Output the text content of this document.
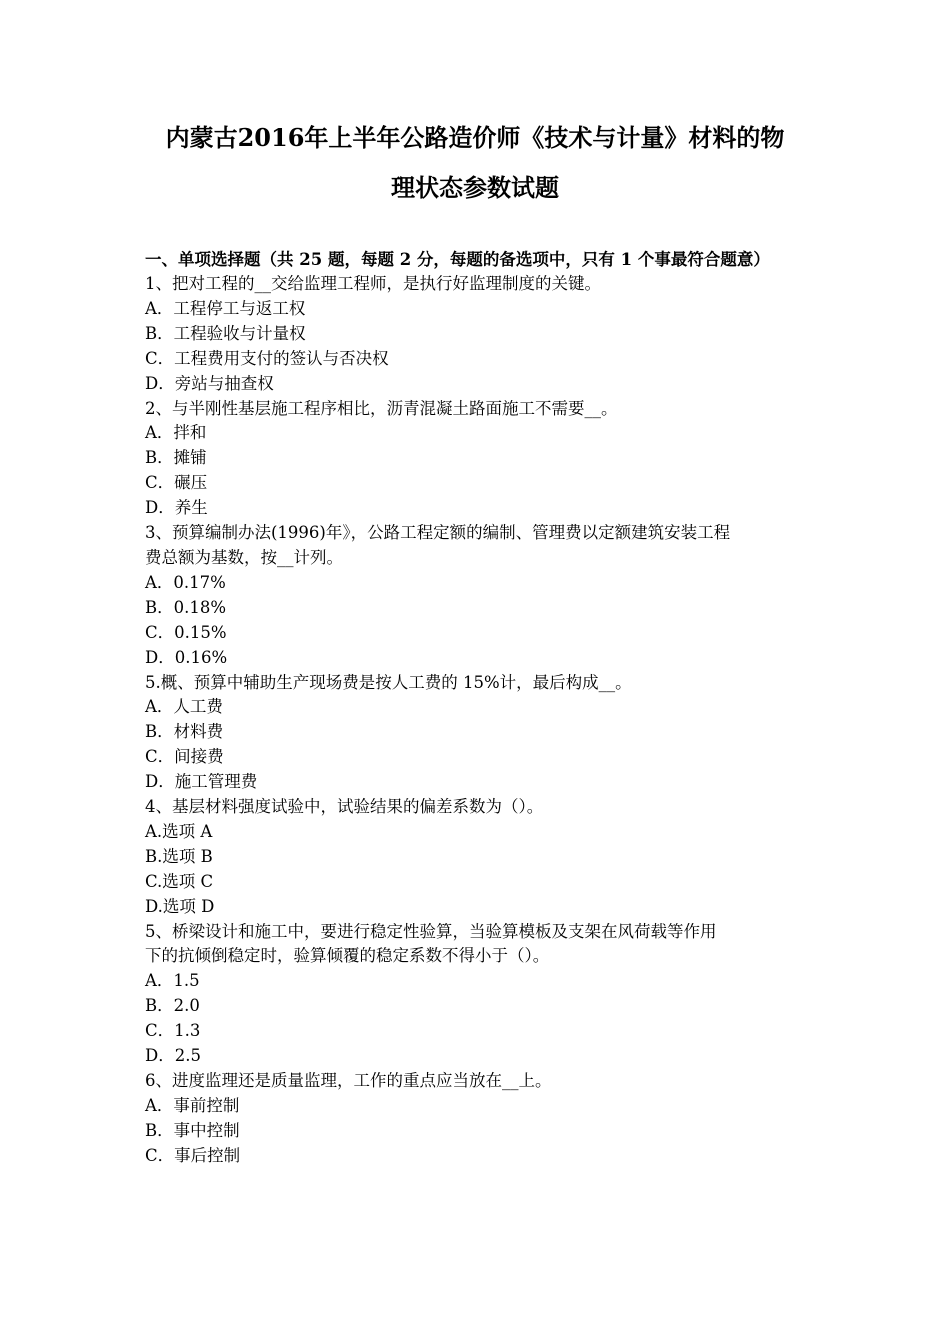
内蒙古2016年上半年公路造价师《技术与计量》材料的物
理状态参数试题

一、单项选择题（共 25 题，每题 2 分，每题的备选项中，只有 1 个事最符合题意）

1、把对工程的__交给监理工程师，是执行好监理制度的关键。

A．工程停工与返工权

B．工程验收与计量权

C．工程费用支付的签认与否决权

D．旁站与抽查权

2、与半刚性基层施工程序相比，沥青混凝土路面施工不需要__。

A．拌和

B．摊铺

C．碾压

D．养生

3、预算编制办法(1996)年》，公路工程定额的编制、管理费以定额建筑安装工程

费总额为基数，按__计列。

A．0.17%

B．0.18%

C．0.15%

D．0.16%

5.概、预算中辅助生产现场费是按人工费的 15%计，最后构成__。

A．人工费

B．材料费

C．间接费

D．施工管理费

4、基层材料强度试验中，试验结果的偏差系数为（）。

A.选项 A

B.选项 B

C.选项 C

D.选项 D

5、桥梁设计和施工中，要进行稳定性验算，当验算模板及支架在风荷载等作用

下的抗倾倒稳定时，验算倾覆的稳定系数不得小于（）。

A．1.5

B．2.0

C．1.3

D．2.5

6、进度监理还是质量监理，工作的重点应当放在__上。

A．事前控制

B．事中控制

C．事后控制
